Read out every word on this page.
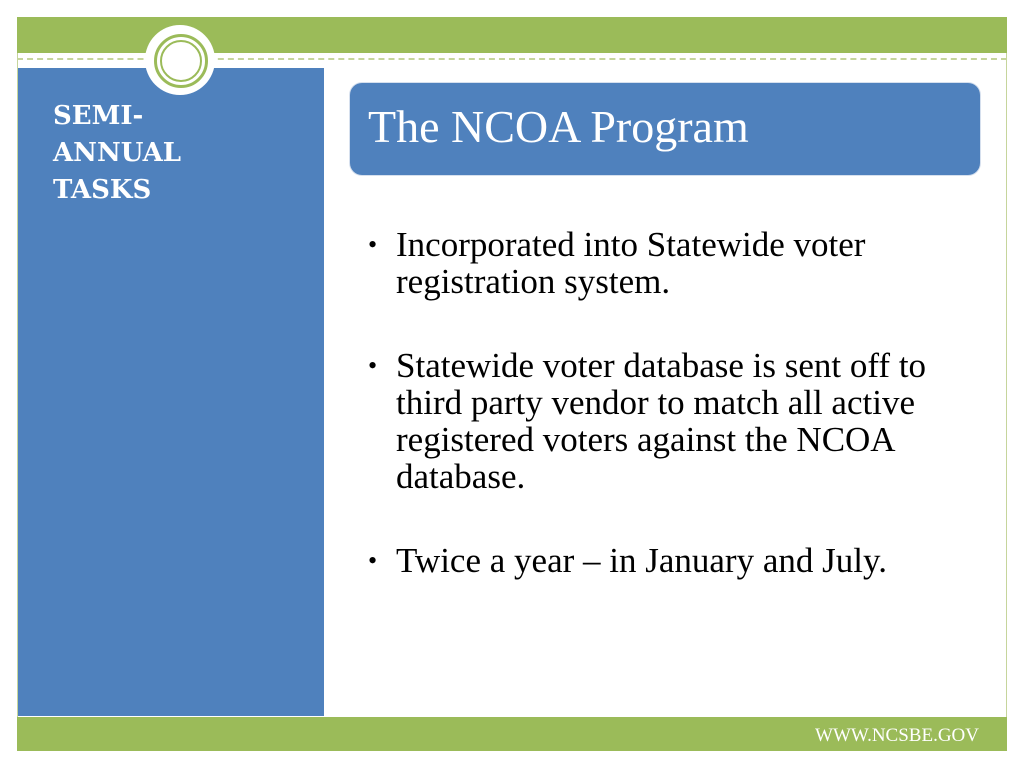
SEMI-
ANNUAL
TASKS
The NCOA Program
• Incorporated into Statewide voter registration system.
• Statewide voter database is sent off to third party vendor to match all active registered voters against the NCOA database.
• Twice a year – in January and July.
WWW.NCSBE.GOV
